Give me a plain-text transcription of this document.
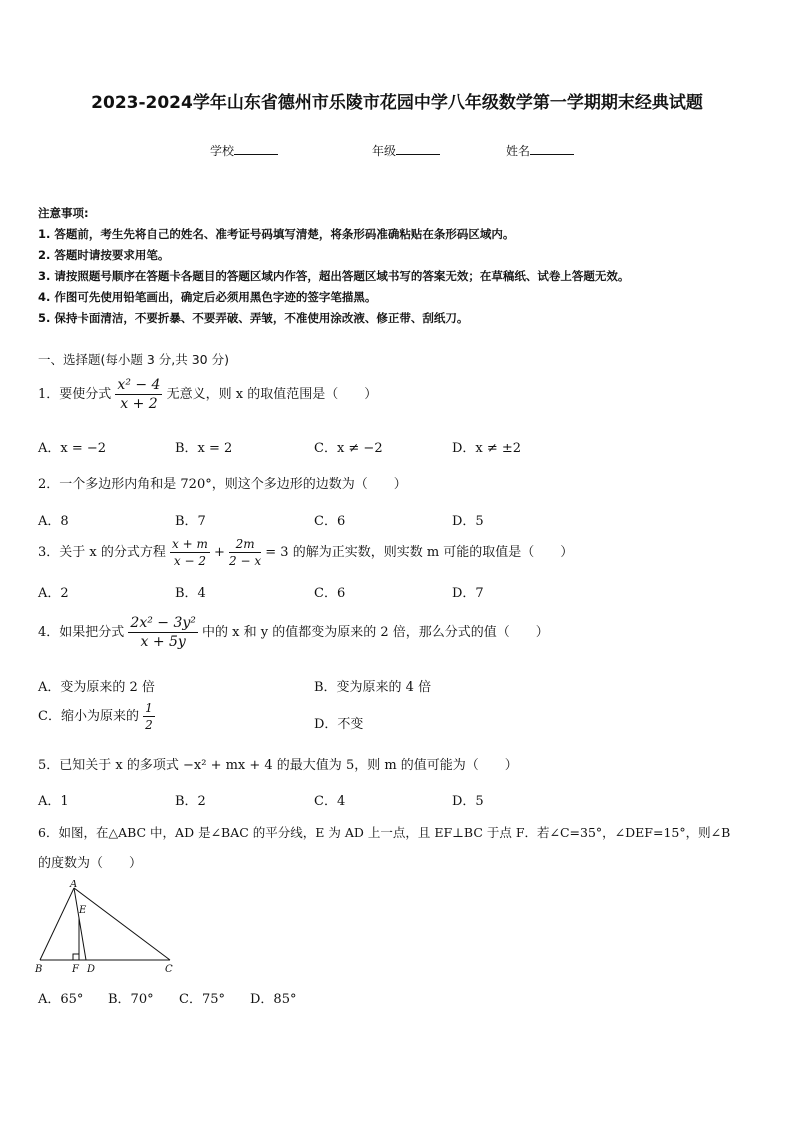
2023-2024学年山东省德州市乐陵市花园中学八年级数学第一学期期末经典试题
学校	年级	姓名
注意事项:
1. 答题前，考生先将自己的姓名、准考证号码填写清楚，将条形码准确粘贴在条形码区域内。
2. 答题时请按要求用笔。
3. 请按照题号顺序在答题卡各题目的答题区域内作答，超出答题区域书写的答案无效；在草稿纸、试卷上答题无效。
4. 作图可先使用铅笔画出，确定后必须用黑色字迹的签字笔描黑。
5. 保持卡面清洁，不要折暴、不要弄破、弄皱，不准使用涂改液、修正带、刮纸刀。
一、选择题(每小题 3 分,共 30 分)
1．要使分式 $\frac{\text{x² − 4}}{x + 2}$ 无意义，则 x 的取值范围是（　　）
A．x = −2	B．x = 2	C．x ≠ −2	D．x ≠ ±2
2．一个多边形内角和是 720°，则这个多边形的边数为（　　）
A．8	B．7	C．6	D．5
3．关于 x 的分式方程 $\frac{x + m}{x - 2} + \frac{2m}{2 - x} = 3$ 的解为正实数，则实数 m 可能的取值是（　　）
A．2	B．4	C．6	D．7
4．如果把分式 $\frac{\text{2x² − 3y²}}{x + 5y}$ 中的 x 和 y 的值都变为原来的 2 倍，那么分式的值（　　）
A．变为原来的 2 倍	B．变为原来的 4 倍
C．缩小为原来的 $\frac{1}{2}$	D．不变
5．已知关于 x 的多项式 −x² + mx + 4 的最大值为 5，则 m 的值可能为（　　）
A．1	B．2	C．4	D．5
6．如图，在△ABC 中，AD 是∠BAC 的平分线，E 为 AD 上一点，且 EF⊥BC 于点 F．若∠C=35°，∠DEF=15°，则∠B
的度数为（　　）
A
E
B	F D	C
A．65° B．70° C．75° D．85°
